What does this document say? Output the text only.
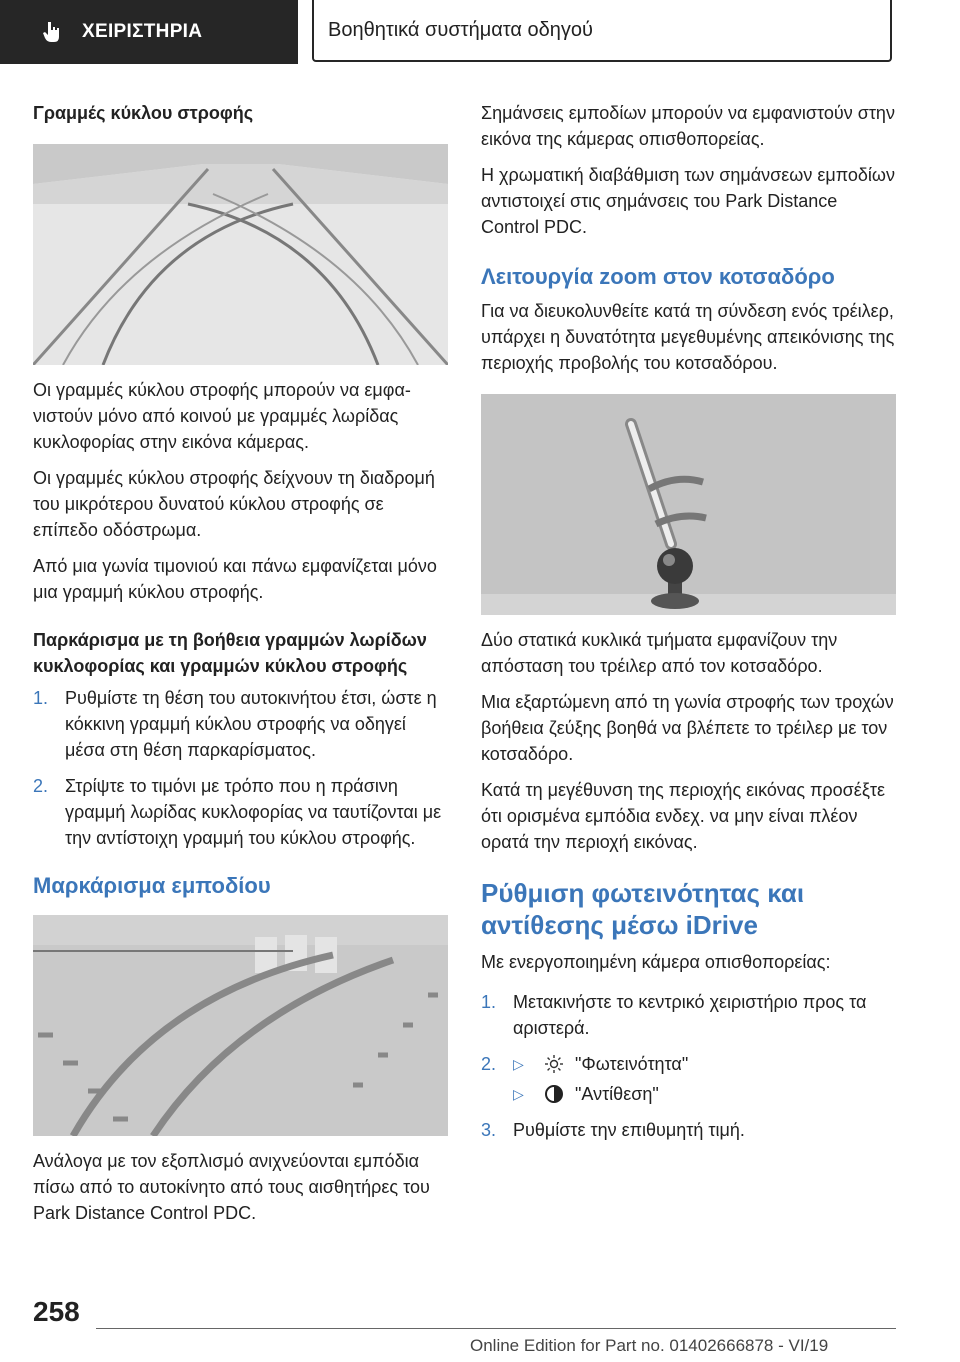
ΧΕΙΡΙΣΤΗΡΙΑ	Βοηθητικά συστήματα οδηγού
Γραμμές κύκλου στροφής

Οι γραμμές κύκλου στροφής μπορούν να εμφανιστούν μόνο από κοινού με γραμμές λωρίδας κυκλοφορίας στην εικόνα κάμερας.

Οι γραμμές κύκλου στροφής δείχνουν τη διαδρομή του μικρότερου δυνατού κύκλου στροφής σε επίπεδο οδόστρωμα.

Από μια γωνία τιμονιού και πάνω εμφανίζεται μόνο μια γραμμή κύκλου στροφής.

Παρκάρισμα με τη βοήθεια γραμμών λωρίδων κυκλοφορίας και γραμμών κύκλου στροφής
1. Ρυθμίστε τη θέση του αυτοκινήτου έτσι, ώστε η κόκκινη γραμμή κύκλου στροφής να οδηγεί μέσα στη θέση παρκαρίσματος.
2. Στρίψτε το τιμόνι με τρόπο που η πράσινη γραμμή λωρίδας κυκλοφορίας να ταυτίζονται με την αντίστοιχη γραμμή του κύκλου στροφής.
Μαρκάρισμα εμποδίου

Ανάλογα με τον εξοπλισμό ανιχνεύονται εμπόδια πίσω από το αυτοκίνητο από τους αισθητήρες του Park Distance Control PDC.

Σημάνσεις εμποδίων μπορούν να εμφανιστούν στην εικόνα της κάμερας οπισθοπορείας.

Η χρωματική διαβάθμιση των σημάνσεων εμποδίων αντιστοιχεί στις σημάνσεις του Park Distance Control PDC.

Λειτουργία zoom στον κοτσαδόρο

Για να διευκολυνθείτε κατά τη σύνδεση ενός τρέιλερ, υπάρχει η δυνατότητα μεγεθυμένης απεικόνισης της περιοχής προβολής του κοτσαδόρου.

Δύο στατικά κυκλικά τμήματα εμφανίζουν την απόσταση του τρέιλερ από τον κοτσαδόρο.

Μια εξαρτώμενη από τη γωνία στροφής των τροχών βοήθεια ζεύξης βοηθά να βλέπετε το τρέιλερ με τον κοτσαδόρο.

Κατά τη μεγέθυνση της περιοχής εικόνας προσέξτε ότι ορισμένα εμπόδια ενδεχ. να μην είναι πλέον ορατά την περιοχή εικόνας.

Ρύθμιση φωτεινότητας και αντίθεσης μέσω iDrive

Με ενεργοποιημένη κάμερα οπισθοπορείας:

1. Μετακινήστε το κεντρικό χειριστήριο προς τα αριστερά.
2. ▷	"Φωτεινότητα"
▷	"Αντίθεση"
3. Ρυθμίστε την επιθυμητή τιμή.
258
Online Edition for Part no. 01402666878 - VI/19
